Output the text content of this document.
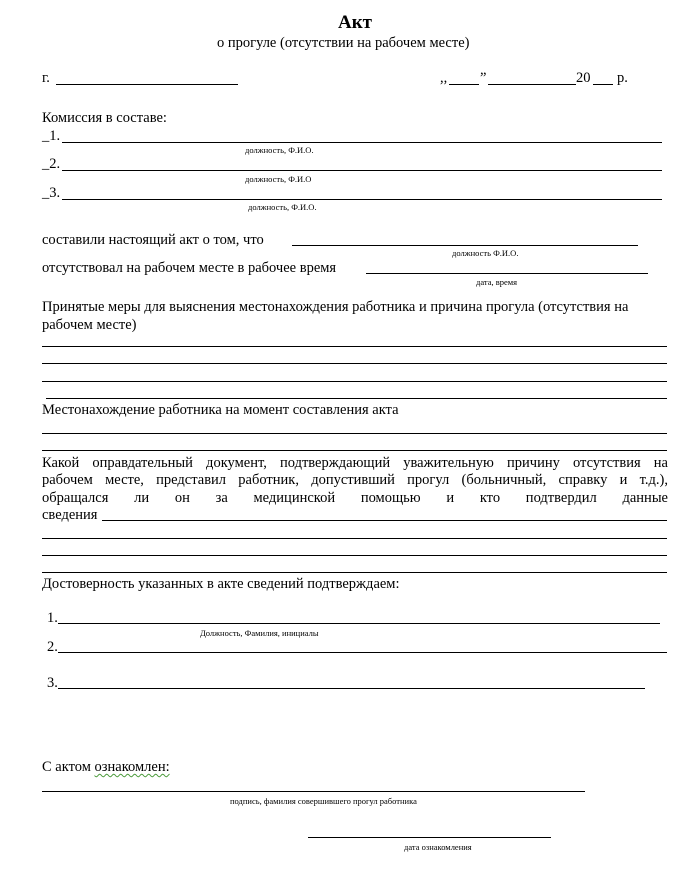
Акт
о прогуле (отсутствии на рабочем месте)
г.	,, ”	20 р.
Комиссия в составе:
_1.
должность, Ф.И.О.
_2.
должность, Ф.И.О
_3.
должность, Ф.И.О.
составили настоящий акт о том, что
должность Ф.И.О.
отсутствовал на рабочем месте в рабочее время
дата, время
Принятые меры для выяснения местонахождения работника и причина прогула (отсутствия на рабочем месте)
Местонахождение работника на момент составления акта
Какой оправдательный документ, подтверждающий уважительную причину отсутствия на
рабочем месте, представил работник, допустивший прогул (больничный, справку и т.д.),
обращался ли он за медицинской помощью и кто подтвердил данные
сведения
Достоверность указанных в акте сведений подтверждаем:
1.
Должность, Фамилия, инициалы
2.
3.
С актом ознакомлен:
подпись, фамилия совершившего прогул работника
дата ознакомления
